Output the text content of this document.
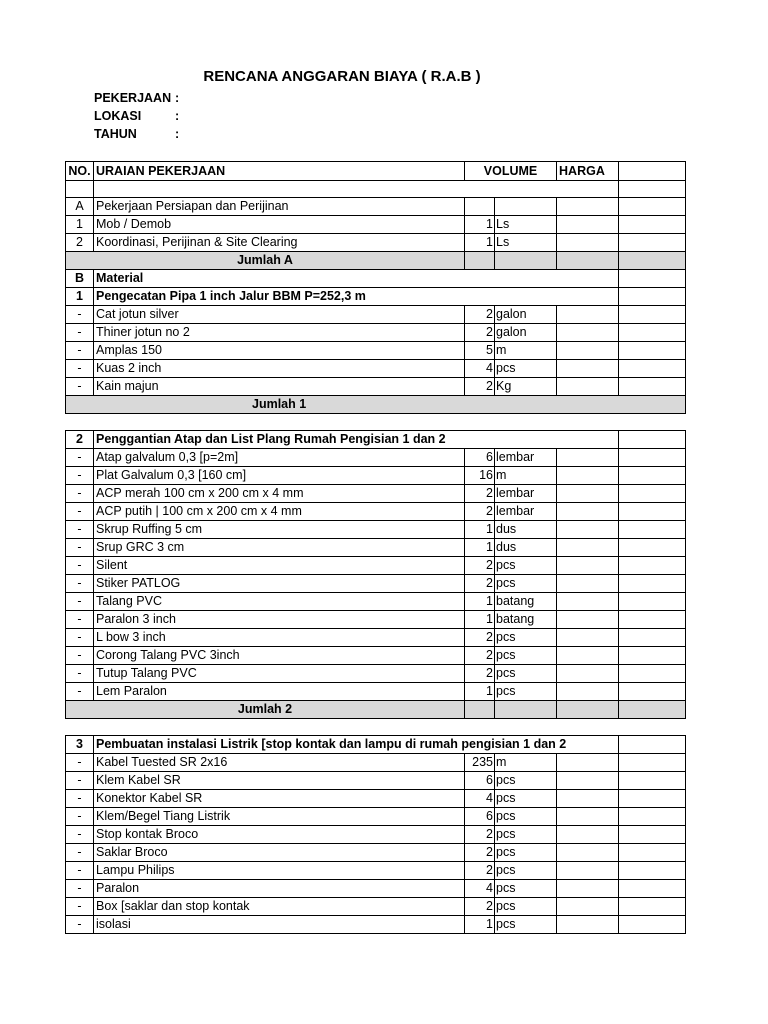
RENCANA ANGGARAN BIAYA ( R.A.B )
PEKERJAAN :
LOKASI	:
TAHUN	:
NO.	URAIAN PEKERJAAN	VOLUME		HARGA	

A	Pekerjaan Persiapan dan Perijinan				
1	Mob / Demob	1	Ls		
2	Koordinasi, Perijinan & Site Clearing	1	Ls		
Jumlah A					
B	Material				
1	Pengecatan Pipa 1 inch Jalur BBM P=252,3 m				
-	Cat jotun silver	2	galon		
-	Thiner jotun no 2	2	galon		
-	Amplas 150	5	m		
-	Kuas 2 inch	4	pcs		
-	Kain majun	2	Kg		
Jumlah 1					

2	Penggantian Atap dan List Plang Rumah Pengisian 1 dan 2				
-	Atap galvalum 0,3 [p=2m]	6	lembar		
-	Plat Galvalum 0,3 [160 cm]	16	m		
-	ACP merah 100 cm x 200 cm x 4 mm	2	lembar		
-	ACP putih | 100 cm x 200 cm x 4 mm	2	lembar		
-	Skrup Ruffing 5 cm	1	dus		
-	Srup GRC 3 cm	1	dus		
-	Silent	2	pcs		
-	Stiker PATLOG	2	pcs		
-	Talang PVC	1	batang		
-	Paralon 3 inch	1	batang		
-	L bow 3 inch	2	pcs		
-	Corong Talang PVC 3inch	2	pcs		
-	Tutup Talang PVC	2	pcs		
-	Lem Paralon	1	pcs		
Jumlah 2					

3	Pembuatan instalasi Listrik [stop kontak dan lampu di rumah pengisian 1 dan 2				
-	Kabel Tuested SR 2x16	235	m		
-	Klem Kabel SR	6	pcs		
-	Konektor Kabel SR	4	pcs		
-	Klem/Begel Tiang Listrik	6	pcs		
-	Stop kontak Broco	2	pcs		
-	Saklar Broco	2	pcs		
-	Lampu Philips	2	pcs		
-	Paralon	4	pcs		
-	Box [saklar dan stop kontak	2	pcs		
-	isolasi	1	pcs		
